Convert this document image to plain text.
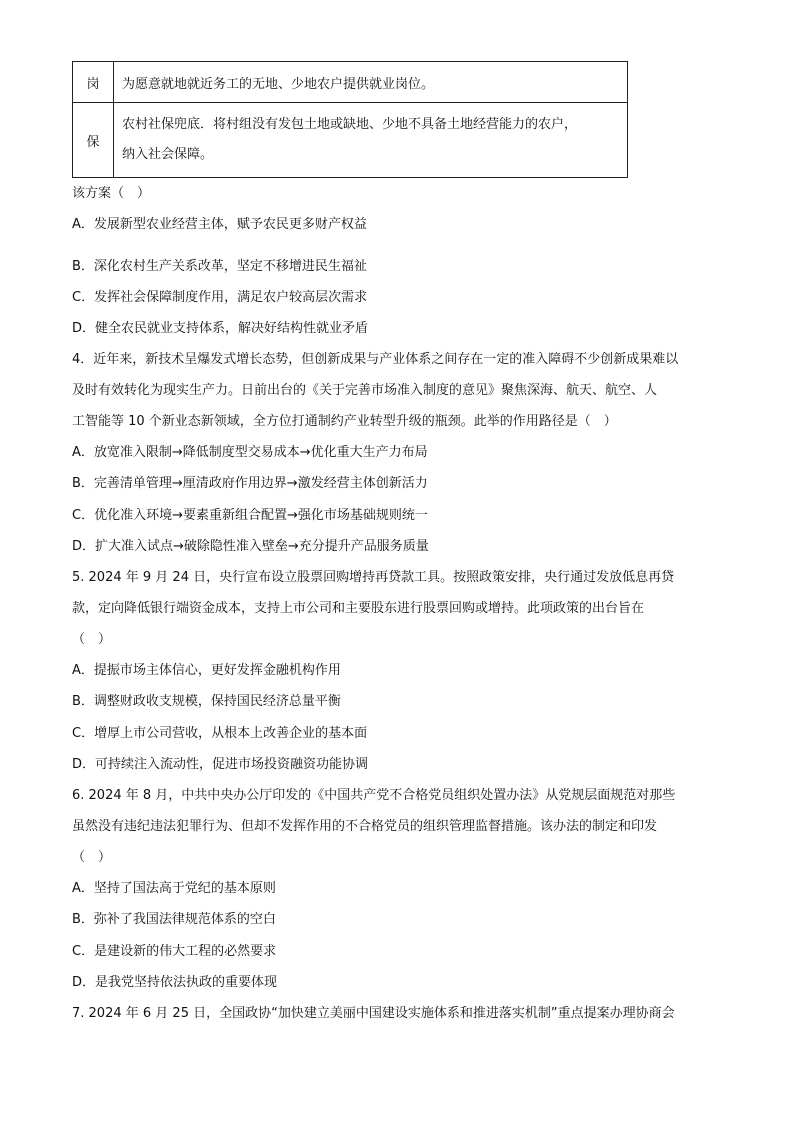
岗	为愿意就地就近务工的无地、少地农户提供就业岗位。
保	农村社保兜底．将村组没有发包土地或缺地、少地不具备土地经营能力的农户，
纳入社会保障。
该方案（　）
A．发展新型农业经营主体，赋予农民更多财产权益
B．深化农村生产关系改革，坚定不移增进民生福祉
C．发挥社会保障制度作用，满足农户较高层次需求
D．健全农民就业支持体系，解决好结构性就业矛盾
4．近年来，新技术呈爆发式增长态势，但创新成果与产业体系之间存在一定的准入障碍不少创新成果难以
及时有效转化为现实生产力。日前出台的《关于完善市场准入制度的意见》聚焦深海、航天、航空、人
工智能等 10 个新业态新领域，全方位打通制约产业转型升级的瓶颈。此举的作用路径是（　）
A．放宽准入限制→降低制度型交易成本→优化重大生产力布局
B．完善清单管理→厘清政府作用边界→激发经营主体创新活力
C．优化准入环境→要素重新组合配置→强化市场基础规则统一
D．扩大准入试点→破除隐性准入壁垒→充分提升产品服务质量
5. 2024 年 9 月 24 日，央行宣布设立股票回购增持再贷款工具。按照政策安排，央行通过发放低息再贷
款，定向降低银行端资金成本，支持上市公司和主要股东进行股票回购或增持。此项政策的出台旨在
（　）
A．提振市场主体信心，更好发挥金融机构作用
B．调整财政收支规模，保持国民经济总量平衡
C．增厚上市公司营收，从根本上改善企业的基本面
D．可持续注入流动性，促进市场投资融资功能协调
6. 2024 年 8 月，中共中央办公厅印发的《中国共产党不合格党员组织处置办法》从党规层面规范对那些
虽然没有违纪违法犯罪行为、但却不发挥作用的不合格党员的组织管理监督措施。该办法的制定和印发
（　）
A．坚持了国法高于党纪的基本原则
B．弥补了我国法律规范体系的空白
C．是建设新的伟大工程的必然要求
D．是我党坚持依法执政的重要体现
7. 2024 年 6 月 25 日，全国政协“加快建立美丽中国建设实施体系和推进落实机制”重点提案办理协商会
